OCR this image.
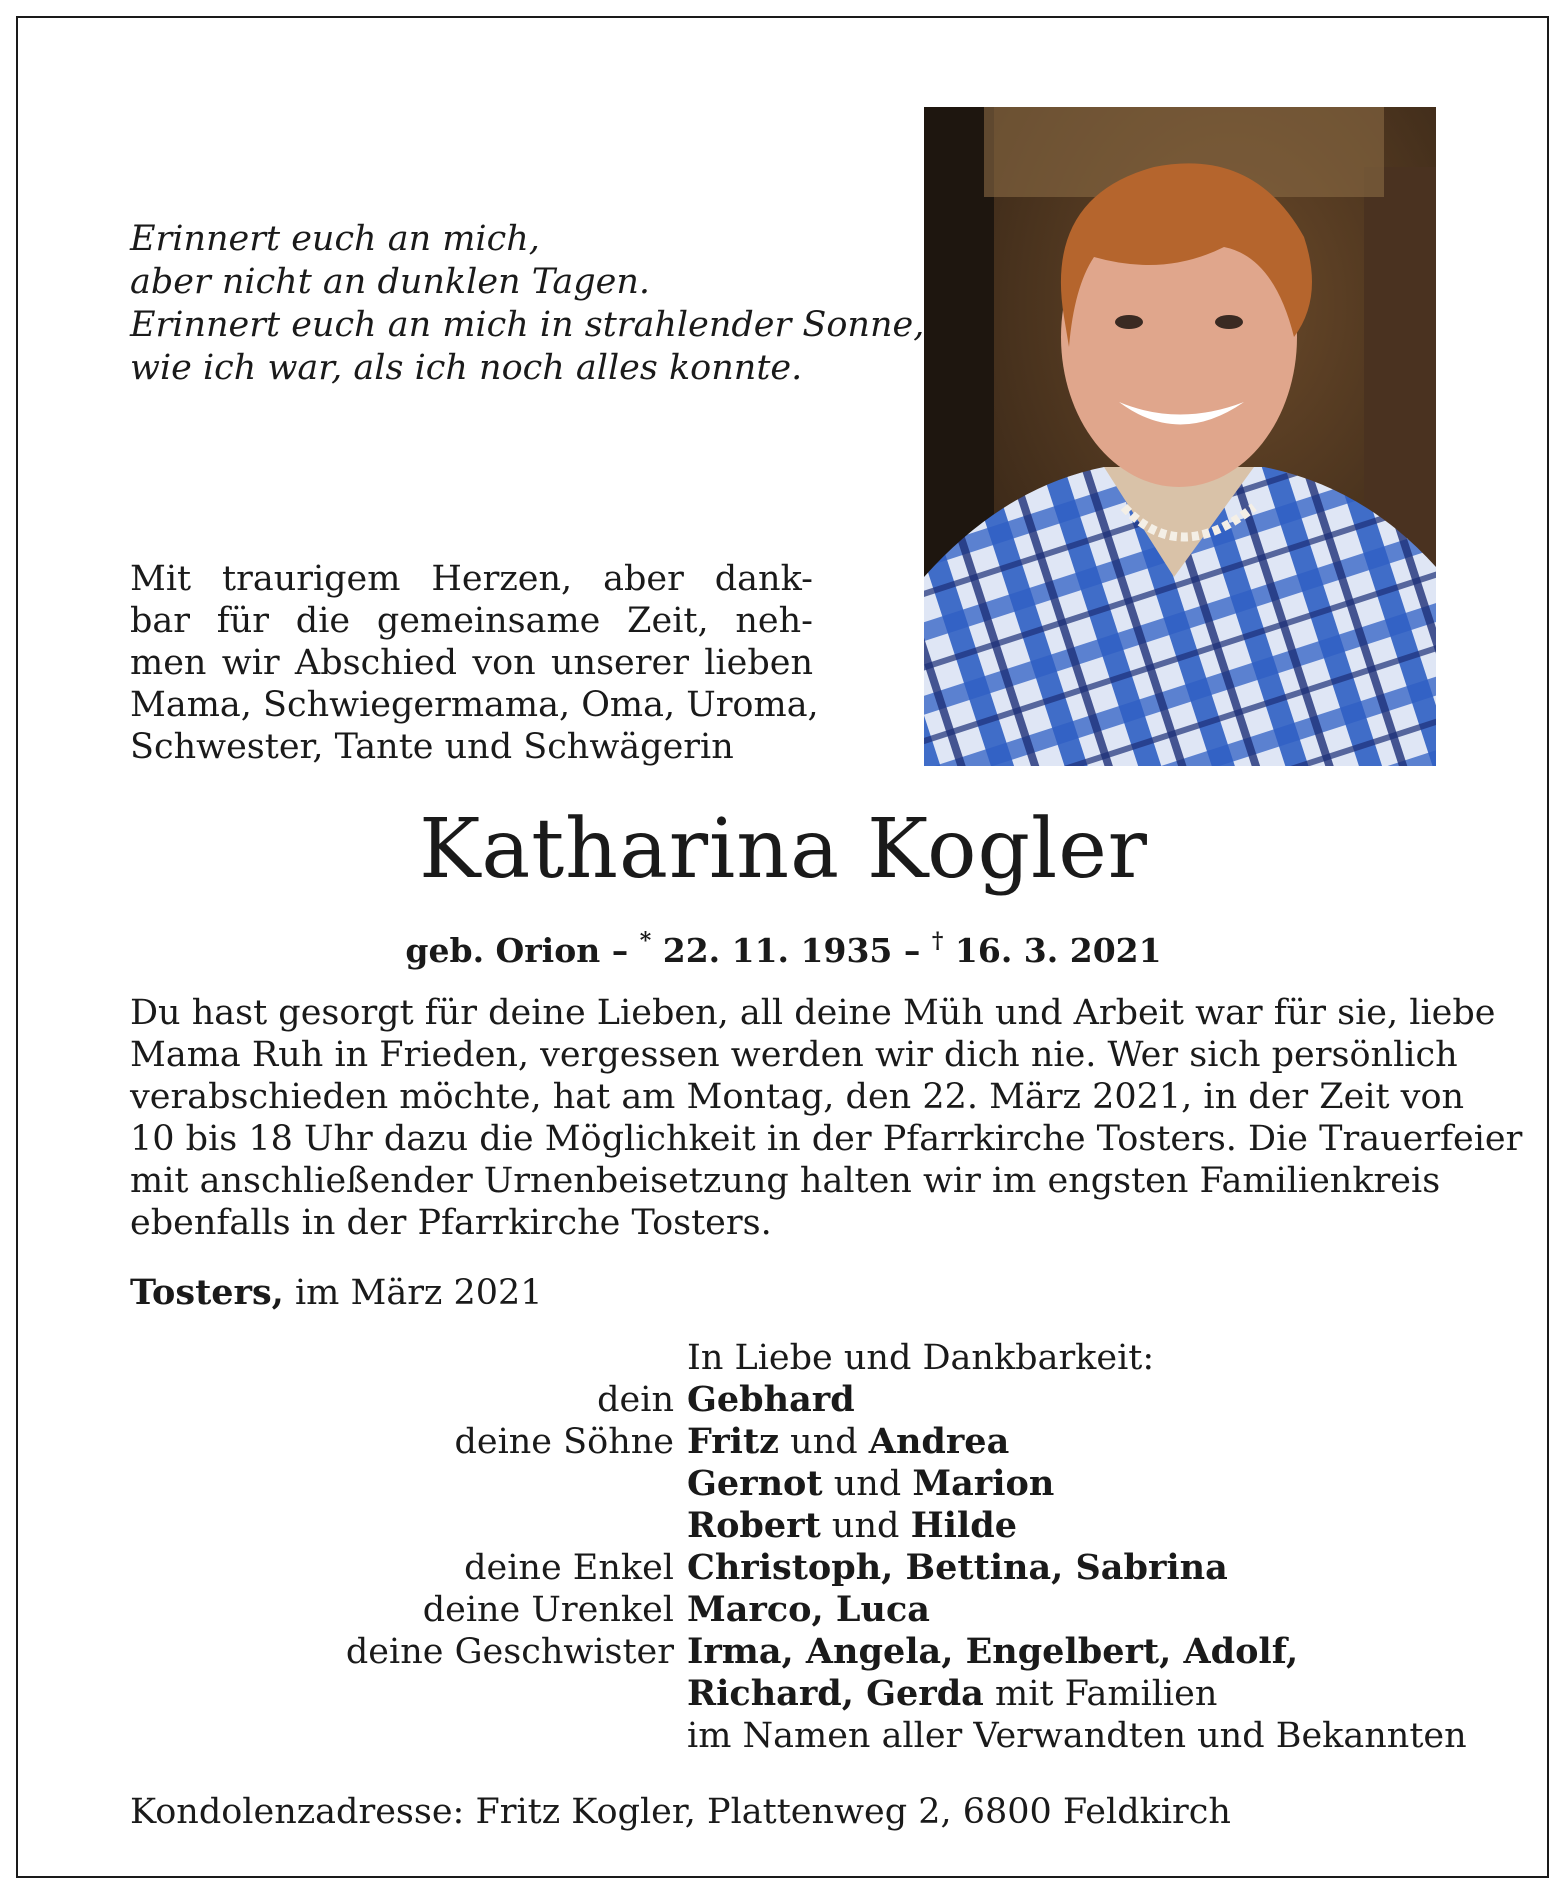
Erinnert euch an mich,
aber nicht an dunklen Tagen.
Erinnert euch an mich in strahlender Sonne,
wie ich war, als ich noch alles konnte.
Mit traurigem Herzen, aber dank-
bar für die gemeinsame Zeit, neh-
men wir Abschied von unserer lieben
Mama, Schwiegermama, Oma, Uroma,
Schwester, Tante und Schwägerin
Katharina Kogler
geb. Orion – * 22. 11. 1935 – † 16. 3. 2021
Du hast gesorgt für deine Lieben, all deine Müh und Arbeit war für sie, liebe
Mama Ruh in Frieden, vergessen werden wir dich nie. Wer sich persönlich
verabschieden möchte, hat am Montag, den 22. März 2021, in der Zeit von
10 bis 18 Uhr dazu die Möglichkeit in der Pfarrkirche Tosters. Die Trauerfeier
mit anschließender Urnenbeisetzung halten wir im engsten Familienkreis
ebenfalls in der Pfarrkirche Tosters.
Tosters, im März 2021
In Liebe und Dankbarkeit:
dein Gebhard
deine Söhne Fritz und Andrea
Gernot und Marion
Robert und Hilde
deine Enkel Christoph, Bettina, Sabrina
deine Urenkel Marco, Luca
deine Geschwister Irma, Angela, Engelbert, Adolf,
Richard, Gerda mit Familien
im Namen aller Verwandten und Bekannten
Kondolenzadresse: Fritz Kogler, Plattenweg 2, 6800 Feldkirch
